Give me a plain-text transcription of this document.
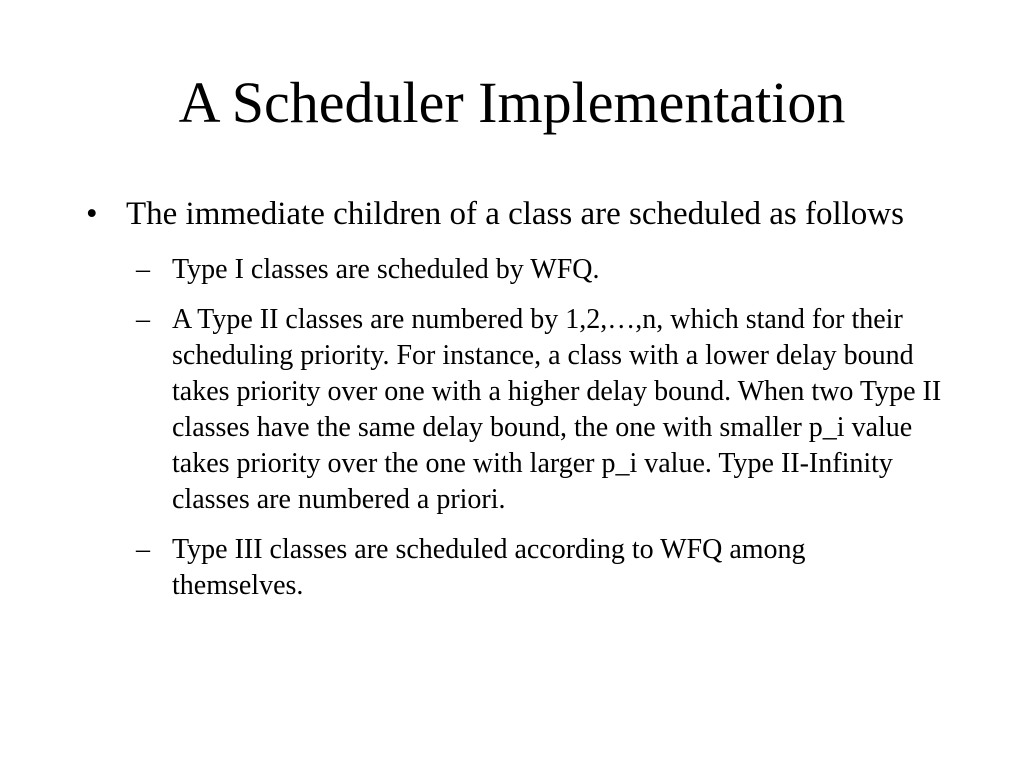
A Scheduler Implementation
• The immediate children of a class are scheduled as follows
– Type I classes are scheduled by WFQ.
– A Type II classes are numbered by 1,2,…,n, which stand for their scheduling priority. For instance, a class with a lower delay bound takes priority over one with a higher delay bound. When two Type II classes have the same delay bound, the one with smaller p_i value takes priority over the one with larger p_i value. Type II-Infinity classes are numbered a priori.
– Type III classes are scheduled according to WFQ among themselves.
